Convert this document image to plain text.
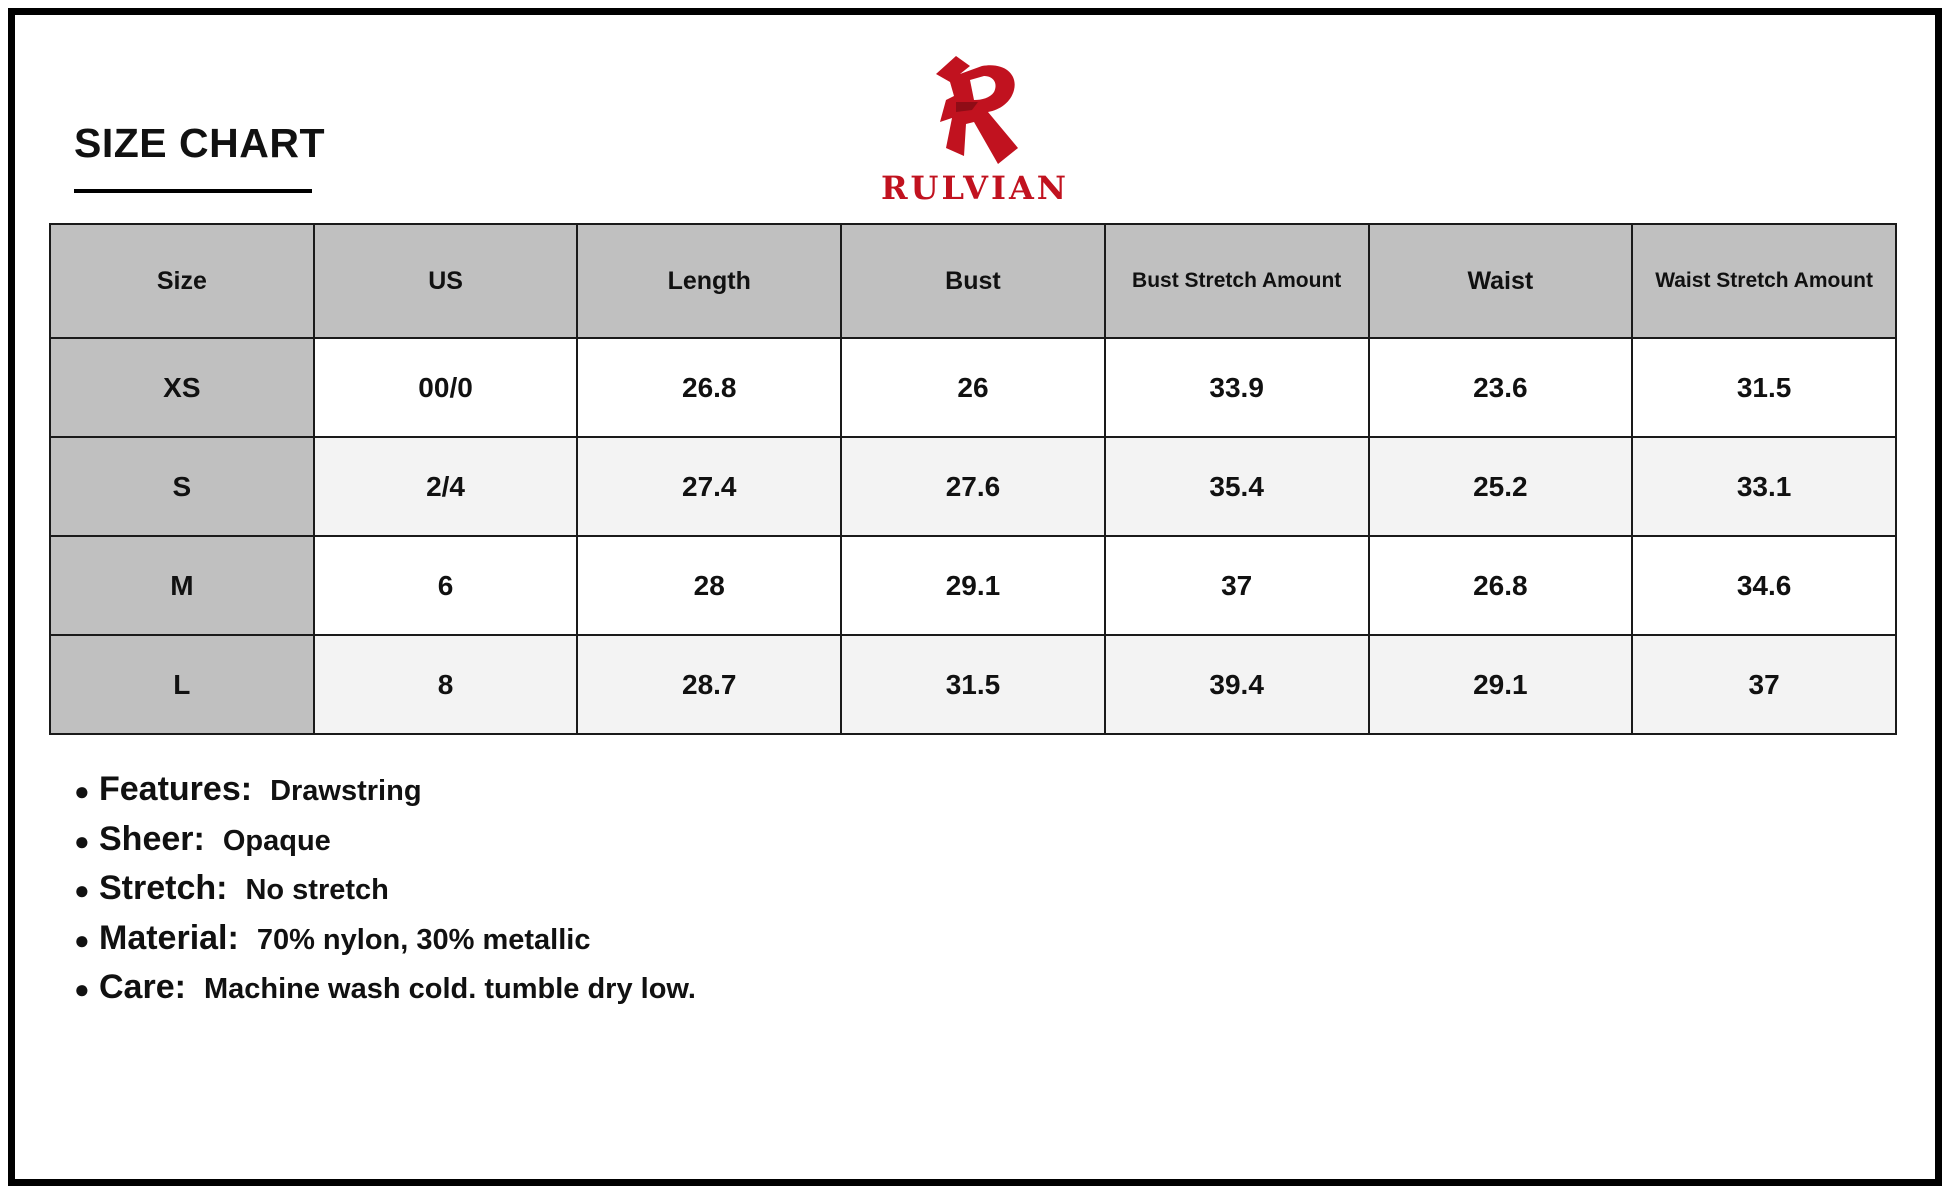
SIZE CHART
RULVIAN
Size	US	Length	Bust	Bust Stretch Amount	Waist	Waist Stretch Amount
XS	00/0	26.8	26	33.9	23.6	31.5
S	2/4	27.4	27.6	35.4	25.2	33.1
M	6	28	29.1	37	26.8	34.6
L	8	28.7	31.5	39.4	29.1	37
● Features: Drawstring
● Sheer: Opaque
● Stretch: No stretch
● Material: 70% nylon, 30% metallic
● Care: Machine wash cold. tumble dry low.
